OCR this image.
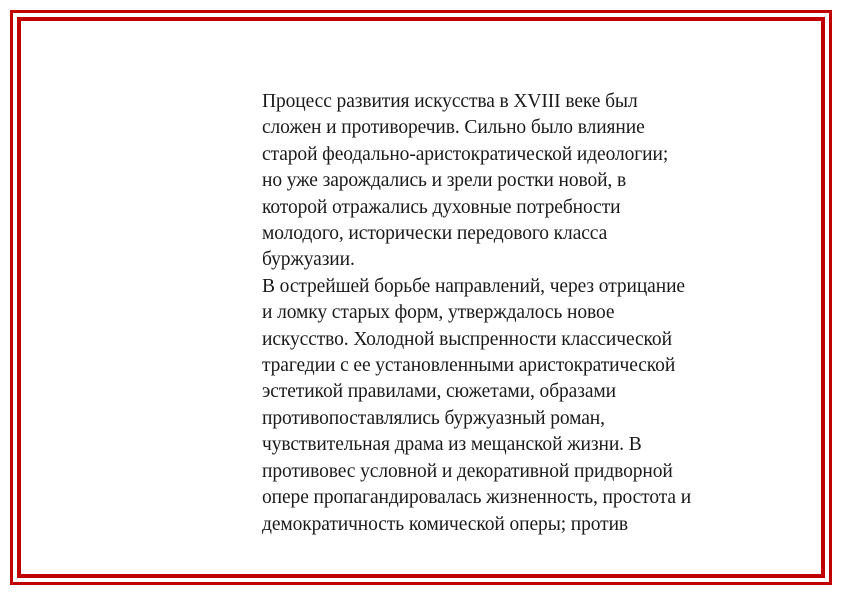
Процесс развития искусства в XVIII веке был
сложен и противоречив. Сильно было влияние
старой феодально-аристократической идеологии;
но уже зарождались и зрели ростки новой, в
которой отражались духовные потребности
молодого, исторически передового класса
буржуазии.
В острейшей борьбе направлений, через отрицание
и ломку старых форм, утверждалось новое
искусство. Холодной выспренности классической
трагедии с ее установленными аристократической
эстетикой правилами, сюжетами, образами
противопоставлялись буржуазный роман,
чувствительная драма из мещанской жизни. В
противовес условной и декоративной придворной
опере пропагандировалась жизненность, простота и
демократичность комической оперы; против
